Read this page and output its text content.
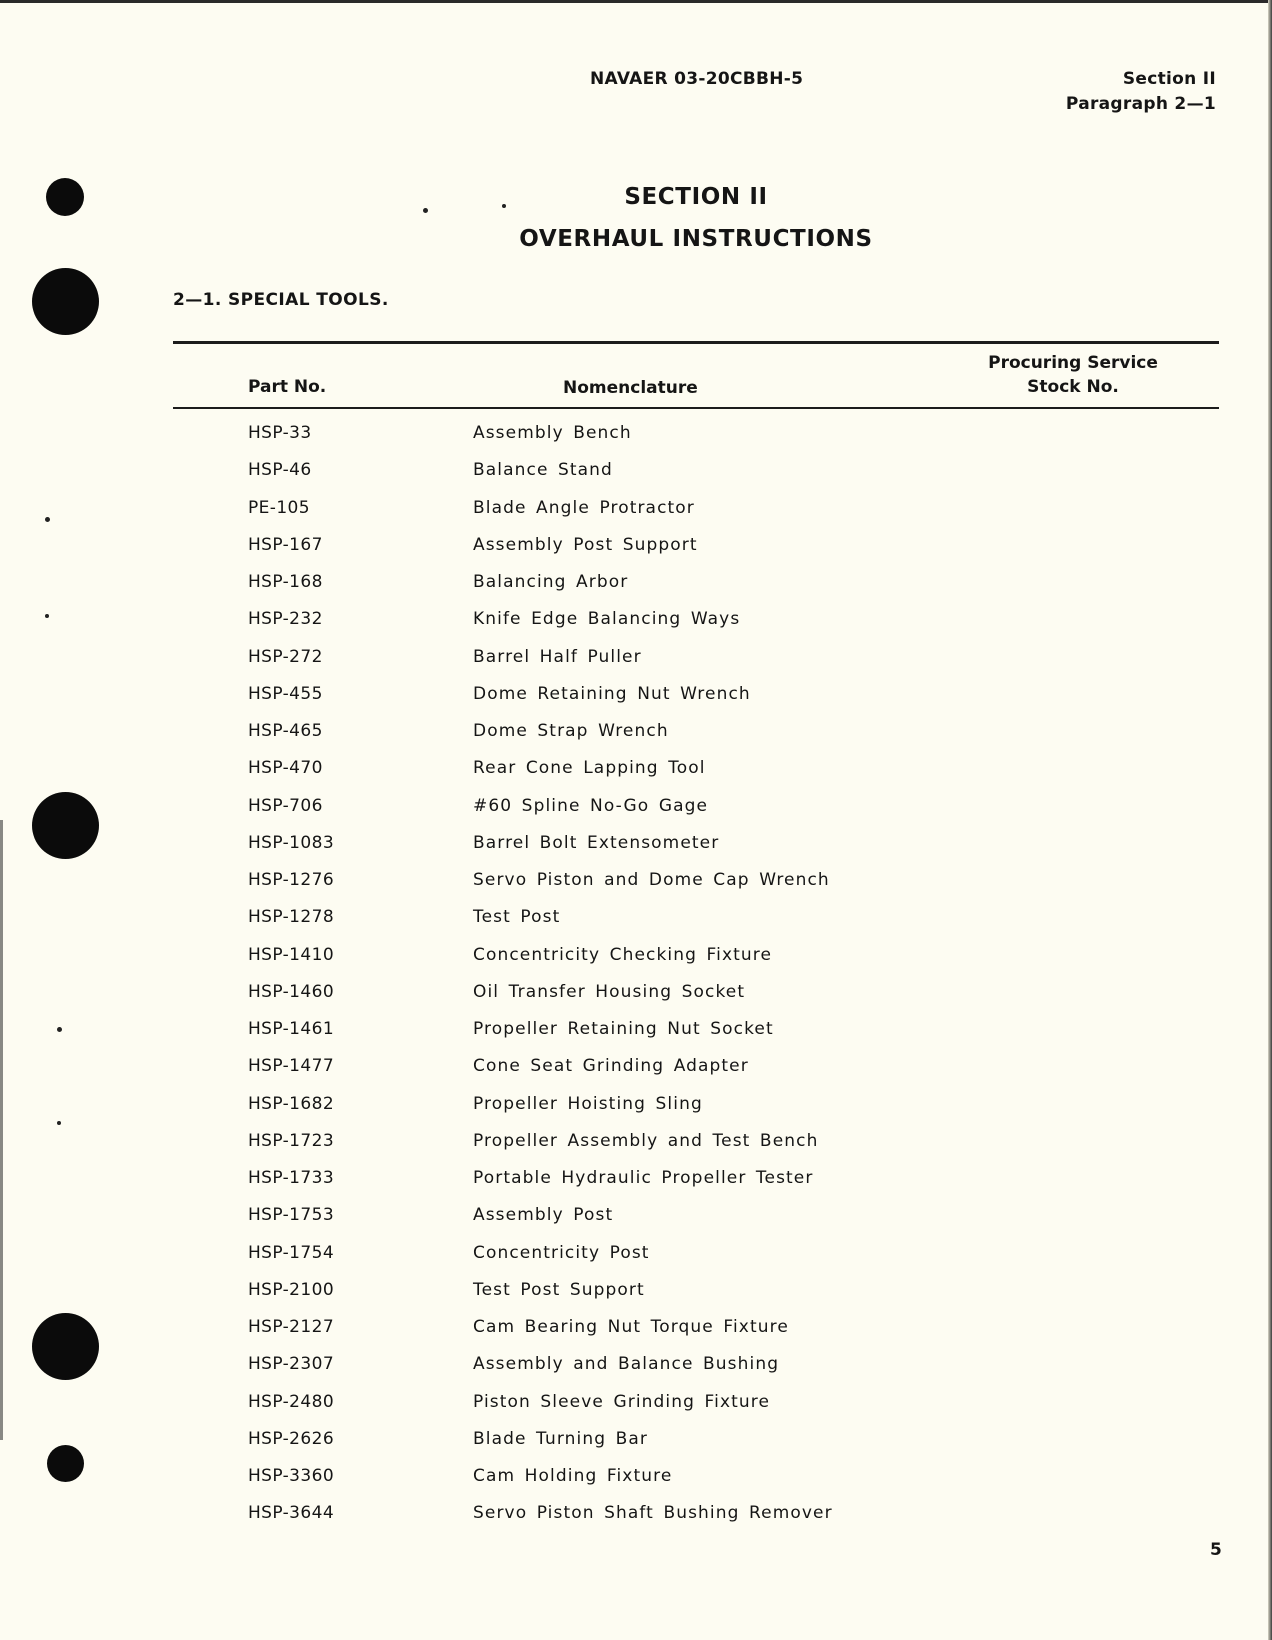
NAVAER 03-20CBBH-5	Section II
Paragraph 2—1
SECTION II
OVERHAUL INSTRUCTIONS
2—1. SPECIAL TOOLS.
Part No.	Nomenclature
Procuring Service
Stock No.
HSP-33	Assembly Bench
HSP-46	Balance Stand
PE-105	Blade Angle Protractor
HSP-167	Assembly Post Support
HSP-168	Balancing Arbor
HSP-232	Knife Edge Balancing Ways
HSP-272	Barrel Half Puller
HSP-455	Dome Retaining Nut Wrench
HSP-465	Dome Strap Wrench
HSP-470	Rear Cone Lapping Tool
HSP-706	#60 Spline No-Go Gage
HSP-1083	Barrel Bolt Extensometer
HSP-1276	Servo Piston and Dome Cap Wrench
HSP-1278	Test Post
HSP-1410	Concentricity Checking Fixture
HSP-1460	Oil Transfer Housing Socket
HSP-1461	Propeller Retaining Nut Socket
HSP-1477	Cone Seat Grinding Adapter
HSP-1682	Propeller Hoisting Sling
HSP-1723	Propeller Assembly and Test Bench
HSP-1733	Portable Hydraulic Propeller Tester
HSP-1753	Assembly Post
HSP-1754	Concentricity Post
HSP-2100	Test Post Support
HSP-2127	Cam Bearing Nut Torque Fixture
HSP-2307	Assembly and Balance Bushing
HSP-2480	Piston Sleeve Grinding Fixture
HSP-2626	Blade Turning Bar
HSP-3360	Cam Holding Fixture
HSP-3644	Servo Piston Shaft Bushing Remover
5
